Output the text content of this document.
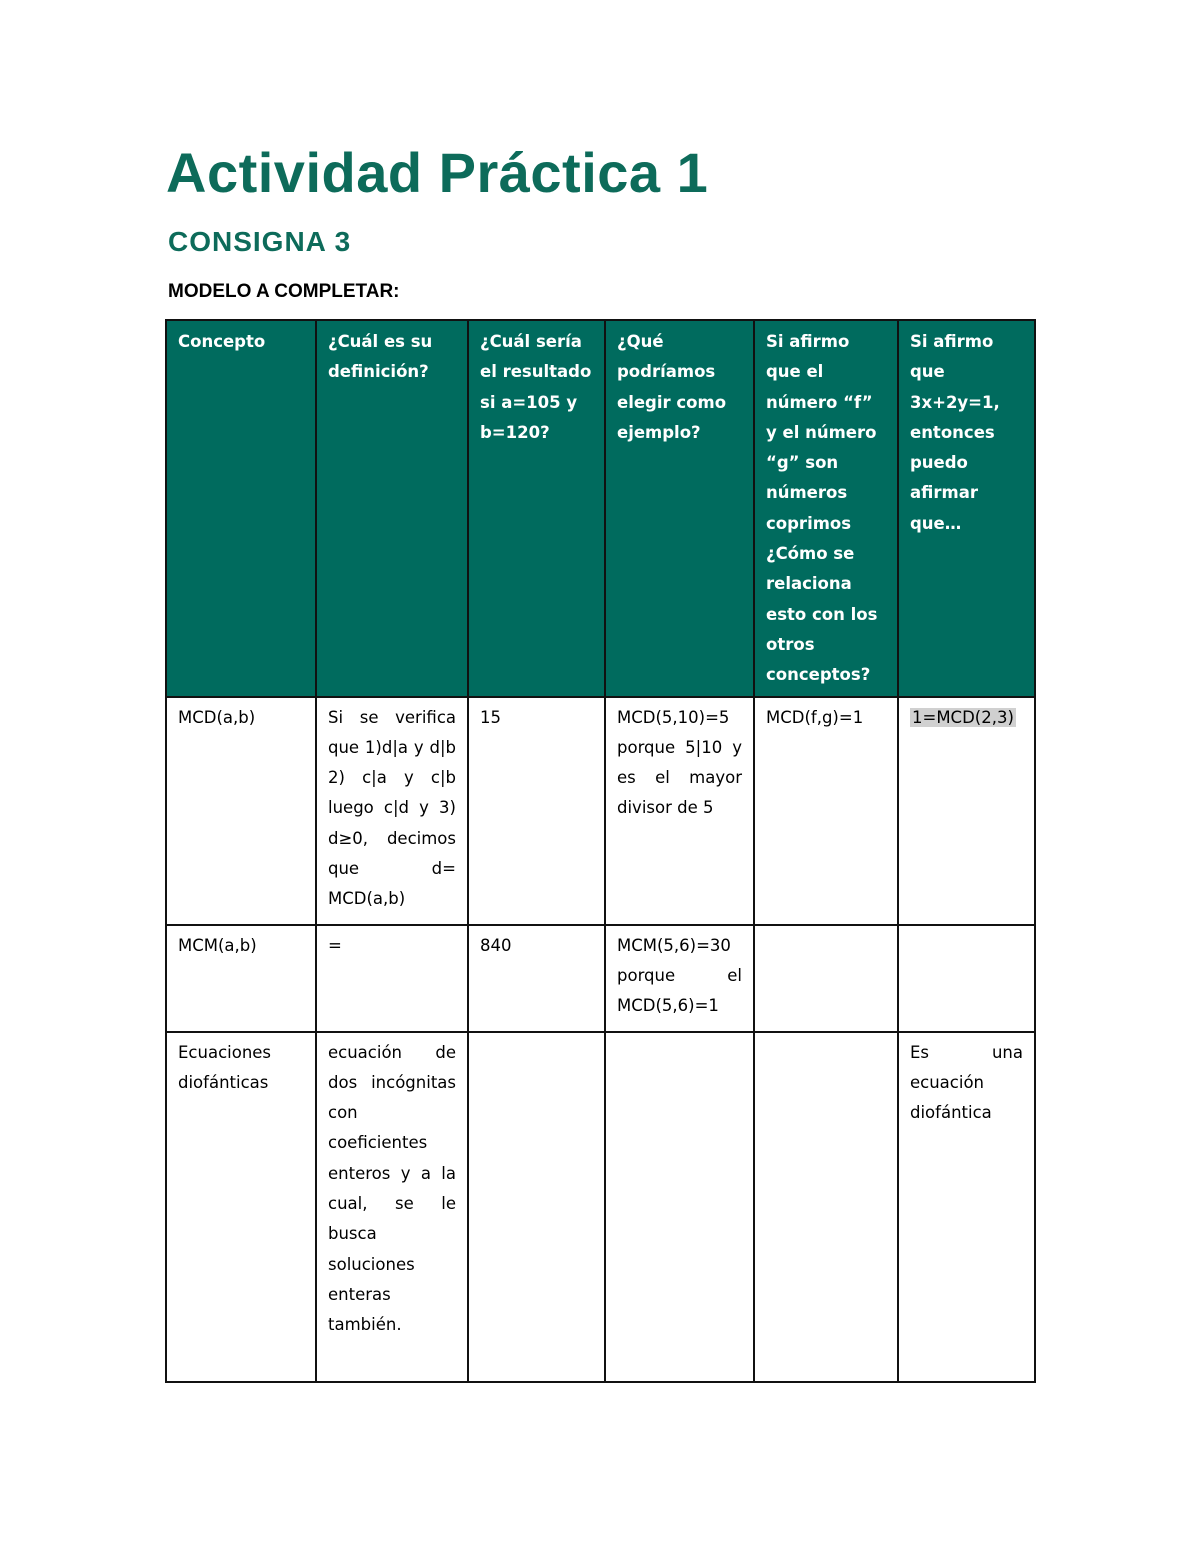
Actividad Práctica 1
CONSIGNA 3

MODELO A COMPLETAR:

Concepto	¿Cuál es su definición?	¿Cuál sería el resultado si a=105 y b=120?	¿Qué podríamos elegir como ejemplo?	Si afirmo que el número “f” y el número “g” son números coprimos ¿Cómo se relaciona esto con los otros conceptos?	Si afirmo que 3x+2y=1, entonces puedo afirmar que…
MCD(a,b)	Si se verifica que 1)d|a y d|b 2) c|a y c|b luego c|d y 3) d≥0, decimos que d= MCD(a,b)	15	MCD(5,10)=5 porque 5|10 y es el mayor divisor de 5	MCD(f,g)=1	1=MCD(2,3)
MCM(a,b)	=	840	MCM(5,6)=30 porque el MCD(5,6)=1		
Ecuaciones diofánticas	ecuación de dos incógnitas con coeficientes enteros y a la cual, se le busca soluciones enteras también.				Es una ecuación diofántica
